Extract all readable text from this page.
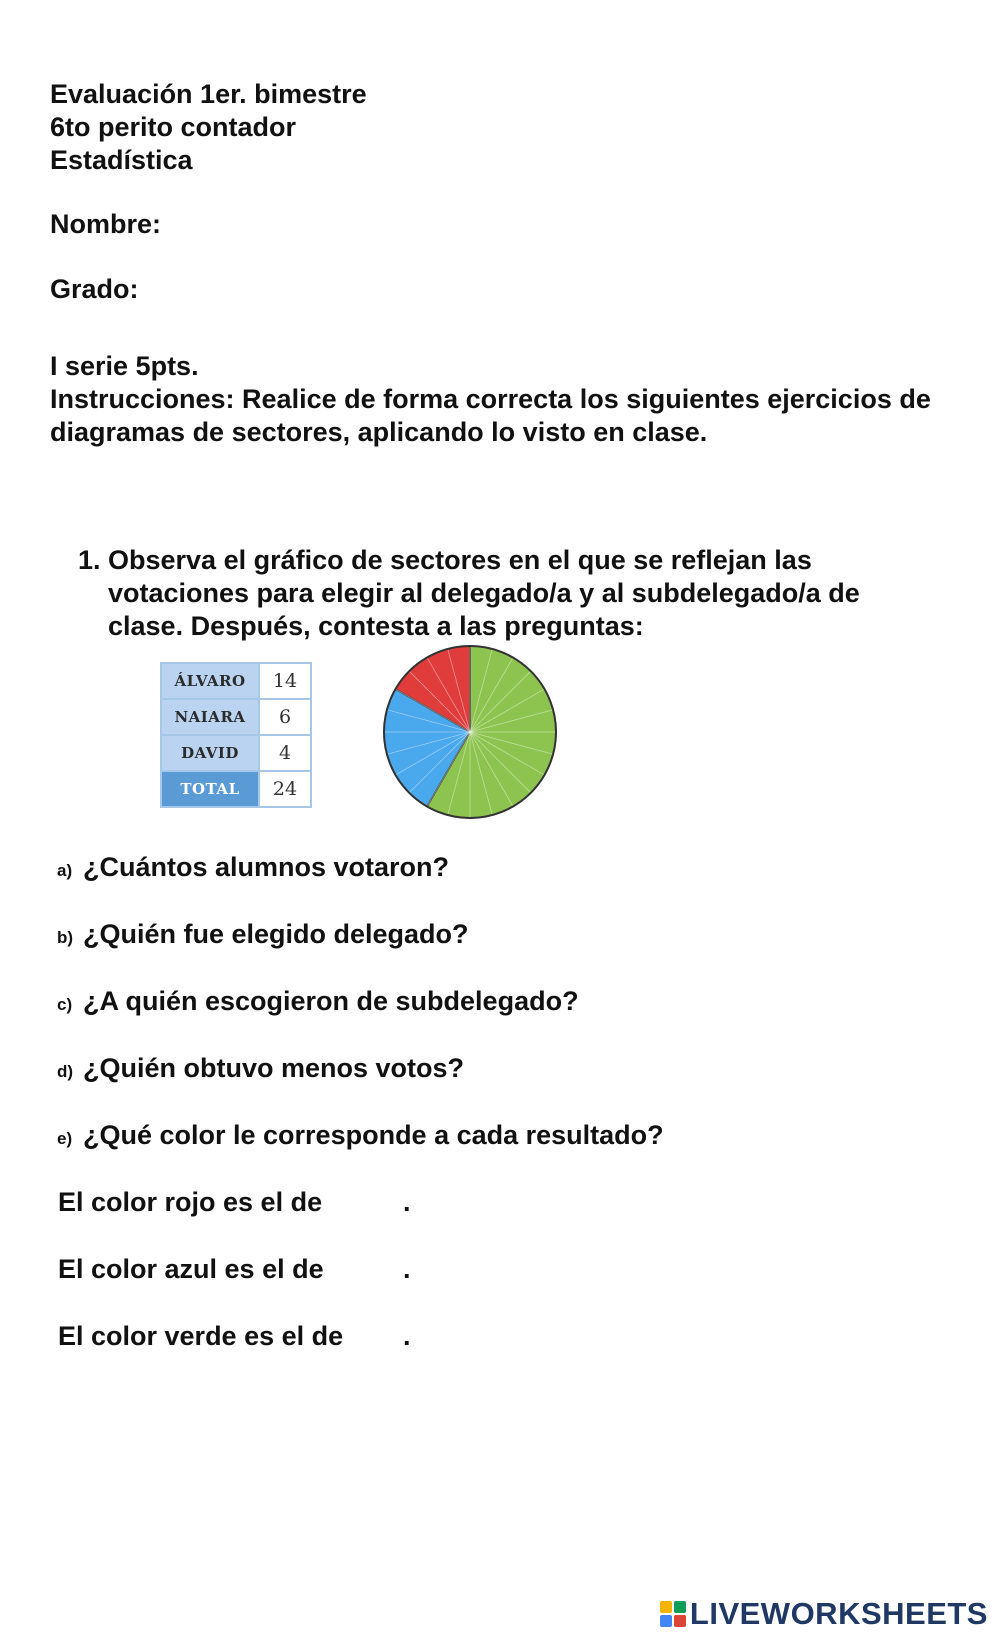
Evaluación 1er. bimestre
6to perito contador
Estadística
Nombre:
Grado:
I serie 5pts.
Instrucciones: Realice de forma correcta los siguientes ejercicios de diagramas de sectores, aplicando lo visto en clase.
1. Observa el gráfico de sectores en el que se reflejan las votaciones para elegir al delegado/a y al subdelegado/a de clase. Después, contesta a las preguntas:
ÁLVARO	14
NAIARA	6
DAVID	4
TOTAL	24
a) ¿Cuántos alumnos votaron?
b) ¿Quién fue elegido delegado?
c) ¿A quién escogieron de subdelegado?
d) ¿Quién obtuvo menos votos?
e) ¿Qué color le corresponde a cada resultado?
El color rojo es el de	.
El color azul es el de	.
El color verde es el de .
LIVEWORKSHEETS
